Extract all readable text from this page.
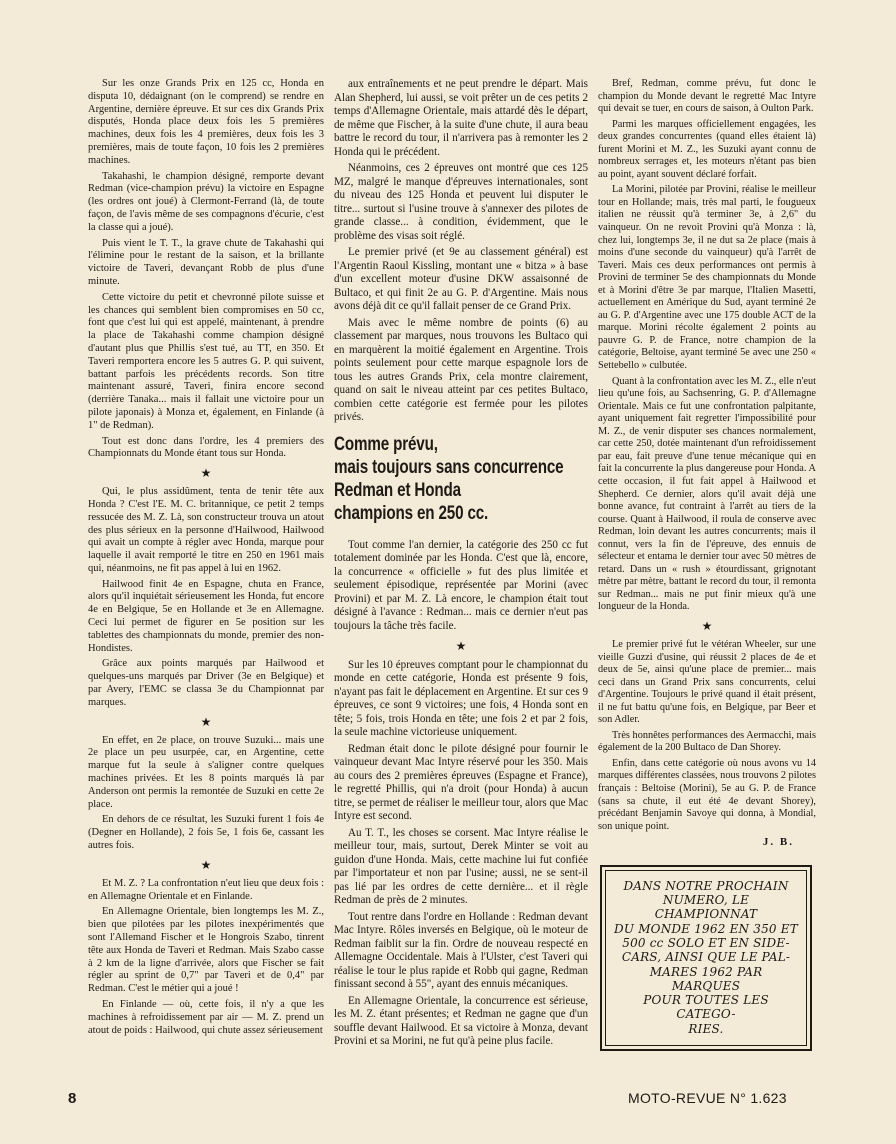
Sur les onze Grands Prix en 125 cc, Honda en disputa 10, dédaignant (on le comprend) se rendre en Argentine, dernière épreuve. Et sur ces dix Grands Prix disputés, Honda place deux fois les 5 premières machines, deux fois les 4 premières, deux fois les 3 premières, mais de toute façon, 10 fois les 2 premières machines.

Takahashi, le champion désigné, remporte devant Redman (vice-champion prévu) la victoire en Espagne (les ordres ont joué) à Clermont-Ferrand (là, de toute façon, de l'avis même de ses compagnons d'écurie, c'est la classe qui a joué).

Puis vient le T. T., la grave chute de Takahashi qui l'élimine pour le restant de la saison, et la brillante victoire de Taveri, devançant Robb de plus d'une minute.

Cette victoire du petit et chevronné pilote suisse et les chances qui semblent bien compromises en 50 cc, font que c'est lui qui est appelé, maintenant, à prendre la place de Takahashi comme champion désigné d'autant plus que Phillis s'est tué, au TT, en 350. Et Taveri remportera encore les 5 autres G. P. qui suivent, battant parfois les précédents records. Son titre maintenant assuré, Taveri, finira encore second (derrière Tanaka... mais il fallait une victoire pour un pilote japonais) à Monza et, également, en Finlande (à 1" de Redman).

Tout est donc dans l'ordre, les 4 premiers des Championnats du Monde étant tous sur Honda.

★

Qui, le plus assidûment, tenta de tenir tête aux Honda ? C'est l'E. M. C. britannique, ce petit 2 temps ressucée des M. Z. Là, son constructeur trouva un atout des plus sérieux en la personne d'Hailwood, Hailwood qui avait un compte à régler avec Honda, marque pour laquelle il avait remporté le titre en 250 en 1961 mais qui, néanmoins, ne fit pas appel à lui en 1962.

Hailwood finit 4e en Espagne, chuta en France, alors qu'il inquiétait sérieusement les Honda, fut encore 4e en Belgique, 5e en Hollande et 3e en Allemagne. Ceci lui permet de figurer en 5e position sur les tablettes des championnats du monde, premier des non-Hondistes.

Grâce aux points marqués par Hailwood et quelques-uns marqués par Driver (3e en Belgique) et par Avery, l'EMC se classa 3e du Championnat par marques.

★

En effet, en 2e place, on trouve Suzuki... mais une 2e place un peu usurpée, car, en Argentine, cette marque fut la seule à s'aligner contre quelques machines privées. Et les 8 points marqués là par Anderson ont permis la remontée de Suzuki en cette 2e place.

En dehors de ce résultat, les Suzuki furent 1 fois 4e (Degner en Hollande), 2 fois 5e, 1 fois 6e, cassant les autres fois.

★

Et M. Z. ? La confrontation n'eut lieu que deux fois : en Allemagne Orientale et en Finlande.

En Allemagne Orientale, bien longtemps les M. Z., bien que pilotées par les pilotes inexpérimentés que sont l'Allemand Fischer et le Hongrois Szabo, tinrent tête aux Honda de Taveri et Redman. Mais Szabo casse à 2 km de la ligne d'arrivée, alors que Fischer se fait régler au sprint de 0,7" par Taveri et de 0,4" par Redman. C'est le métier qui a joué !

En Finlande — où, cette fois, il n'y a que les machines à refroidissement par air — M. Z. prend un atout de poids : Hailwood, qui chute assez sérieusement

aux entraînements et ne peut prendre le départ. Mais Alan Shepherd, lui aussi, se voit prêter un de ces petits 2 temps d'Allemagne Orientale, mais attardé dès le départ, de même que Fischer, à la suite d'une chute, il aura beau battre le record du tour, il n'arrivera pas à remonter les 2 Honda qui le précédent.

Néanmoins, ces 2 épreuves ont montré que ces 125 MZ, malgré le manque d'épreuves internationales, sont du niveau des 125 Honda et peuvent lui disputer le titre... surtout si l'usine trouve à s'annexer des pilotes de grande classe... à condition, évidemment, que le problème des visas soit réglé.

Le premier privé (et 9e au classement général) est l'Argentin Raoul Kissling, montant une « bitza » à base d'un excellent moteur d'usine DKW assaisonné de Bultaco, et qui finit 2e au G. P. d'Argentine. Mais nous avons déjà dit ce qu'il fallait penser de ce Grand Prix.

Mais avec le même nombre de points (6) au classement par marques, nous trouvons les Bultaco qui en marquèrent la moitié également en Argentine. Trois points seulement pour cette marque espagnole lors de tous les autres Grands Prix, cela montre clairement, quand on sait le niveau atteint par ces petites Bultaco, combien cette catégorie est fermée pour les pilotes privés.

Comme prévu,
mais toujours sans concurrence
Redman et Honda
champions en 250 cc.

Tout comme l'an dernier, la catégorie des 250 cc fut totalement dominée par les Honda. C'est que là, encore, la concurrence « officielle » fut des plus limitée et seulement épisodique, représentée par Morini (avec Provini) et par M. Z. Là encore, le champion était tout désigné à l'avance : Redman... mais ce dernier n'eut pas toujours la tâche très facile.

★

Sur les 10 épreuves comptant pour le championnat du monde en cette catégorie, Honda est présente 9 fois, n'ayant pas fait le déplacement en Argentine. Et sur ces 9 épreuves, ce sont 9 victoires; une fois, 4 Honda sont en tête; 5 fois, trois Honda en tête; une fois 2 et par 2 fois, la seule machine victorieuse uniquement.

Redman était donc le pilote désigné pour fournir le vainqueur devant Mac Intyre réservé pour les 350. Mais au cours des 2 premières épreuves (Espagne et France), le regretté Phillis, qui n'a droit (pour Honda) à aucun titre, se permet de réaliser le meilleur tour, alors que Mac Intyre est second.

Au T. T., les choses se corsent. Mac Intyre réalise le meilleur tour, mais, surtout, Derek Minter se voit au guidon d'une Honda. Mais, cette machine lui fut confiée par l'importateur et non par l'usine; aussi, ne se sent-il pas lié par les ordres de cette dernière... et il règle Redman de près de 2 minutes.

Tout rentre dans l'ordre en Hollande : Redman devant Mac Intyre. Rôles inversés en Belgique, où le moteur de Redman faiblit sur la fin. Ordre de nouveau respecté en Allemagne Occidentale. Mais à l'Ulster, c'est Taveri qui réalise le tour le plus rapide et Robb qui gagne, Redman finissant second à 55", ayant des ennuis mécaniques.

En Allemagne Orientale, la concurrence est sérieuse, les M. Z. étant présentes; et Redman ne gagne que d'un souffle devant Hailwood. Et sa victoire à Monza, devant Provini et sa Morini, ne fut qu'à peine plus facile.

Bref, Redman, comme prévu, fut donc le champion du Monde devant le regretté Mac Intyre qui devait se tuer, en cours de saison, à Oulton Park.

Parmi les marques officiellement engagées, les deux grandes concurrentes (quand elles étaient là) furent Morini et M. Z., les Suzuki ayant connu de nombreux serrages et, les moteurs n'étant pas bien au point, ayant souvent déclaré forfait.

La Morini, pilotée par Provini, réalise le meilleur tour en Hollande; mais, très mal parti, le fougueux italien ne réussit qu'à terminer 3e, à 2,6" du vainqueur. On ne revoit Provini qu'à Monza : là, chez lui, longtemps 3e, il ne dut sa 2e place (mais à moins d'une seconde du vainqueur) qu'à l'arrêt de Taveri. Mais ces deux performances ont permis à Provini de terminer 5e des championnats du Monde et à Morini d'être 3e par marque, l'Italien Masetti, actuellement en Amérique du Sud, ayant terminé 2e au G. P. d'Argentine avec une 175 double ACT de la marque. Morini récolte également 2 points au pauvre G. P. de France, notre champion de la catégorie, Beltoise, ayant terminé 5e avec une 250 « Settebello » culbutée.

Quant à la confrontation avec les M. Z., elle n'eut lieu qu'une fois, au Sachsenring, G. P. d'Allemagne Orientale. Mais ce fut une confrontation palpitante, ayant uniquement fait regretter l'impossibilité pour M. Z., de venir disputer ses chances normalement, car cette 250, dotée maintenant d'un refroidissement par eau, fait preuve d'une tenue mécanique qui en fait la concurrente la plus dangereuse pour Honda. A cette occasion, il fut fait appel à Hailwood et Shepherd. Ce dernier, alors qu'il avait déjà une bonne avance, fut contraint à l'arrêt au tiers de la course. Quant à Hailwood, il roula de conserve avec Redman, loin devant les autres concurrents; mais il connut, vers la fin de l'épreuve, des ennuis de sélecteur et entama le dernier tour avec 50 mètres de retard. Dans un « rush » étourdissant, grignotant mètre par mètre, battant le record du tour, il remonta sur Redman... mais ne put finir mieux qu'à une longueur de la Honda.

★

Le premier privé fut le vétéran Wheeler, sur une vieille Guzzi d'usine, qui réussit 2 places de 4e et deux de 5e, ainsi qu'une place de premier... mais ceci dans un Grand Prix sans concurrents, celui d'Argentine. Toujours le privé quand il était présent, il ne fut battu qu'une fois, en Belgique, par Beer et son Adler.

Très honnêtes performances des Aermacchi, mais également de la 200 Bultaco de Dan Shorey.

Enfin, dans cette catégorie où nous avons vu 14 marques différentes classées, nous trouvons 2 pilotes français : Beltoise (Morini), 5e au G. P. de France (sans sa chute, il eut été 4e devant Shorey), précédant Benjamin Savoye qui donna, à Mondial, son unique point.

J. B.
DANS NOTRE PROCHAIN
NUMERO, LE CHAMPIONNAT
DU MONDE 1962 EN 350 ET
500 cc SOLO ET EN SIDE-
CARS, AINSI QUE LE PAL-
MARES 1962 PAR MARQUES
POUR TOUTES LES CATEGO-
RIES.
8	MOTO-REVUE N° 1.623
